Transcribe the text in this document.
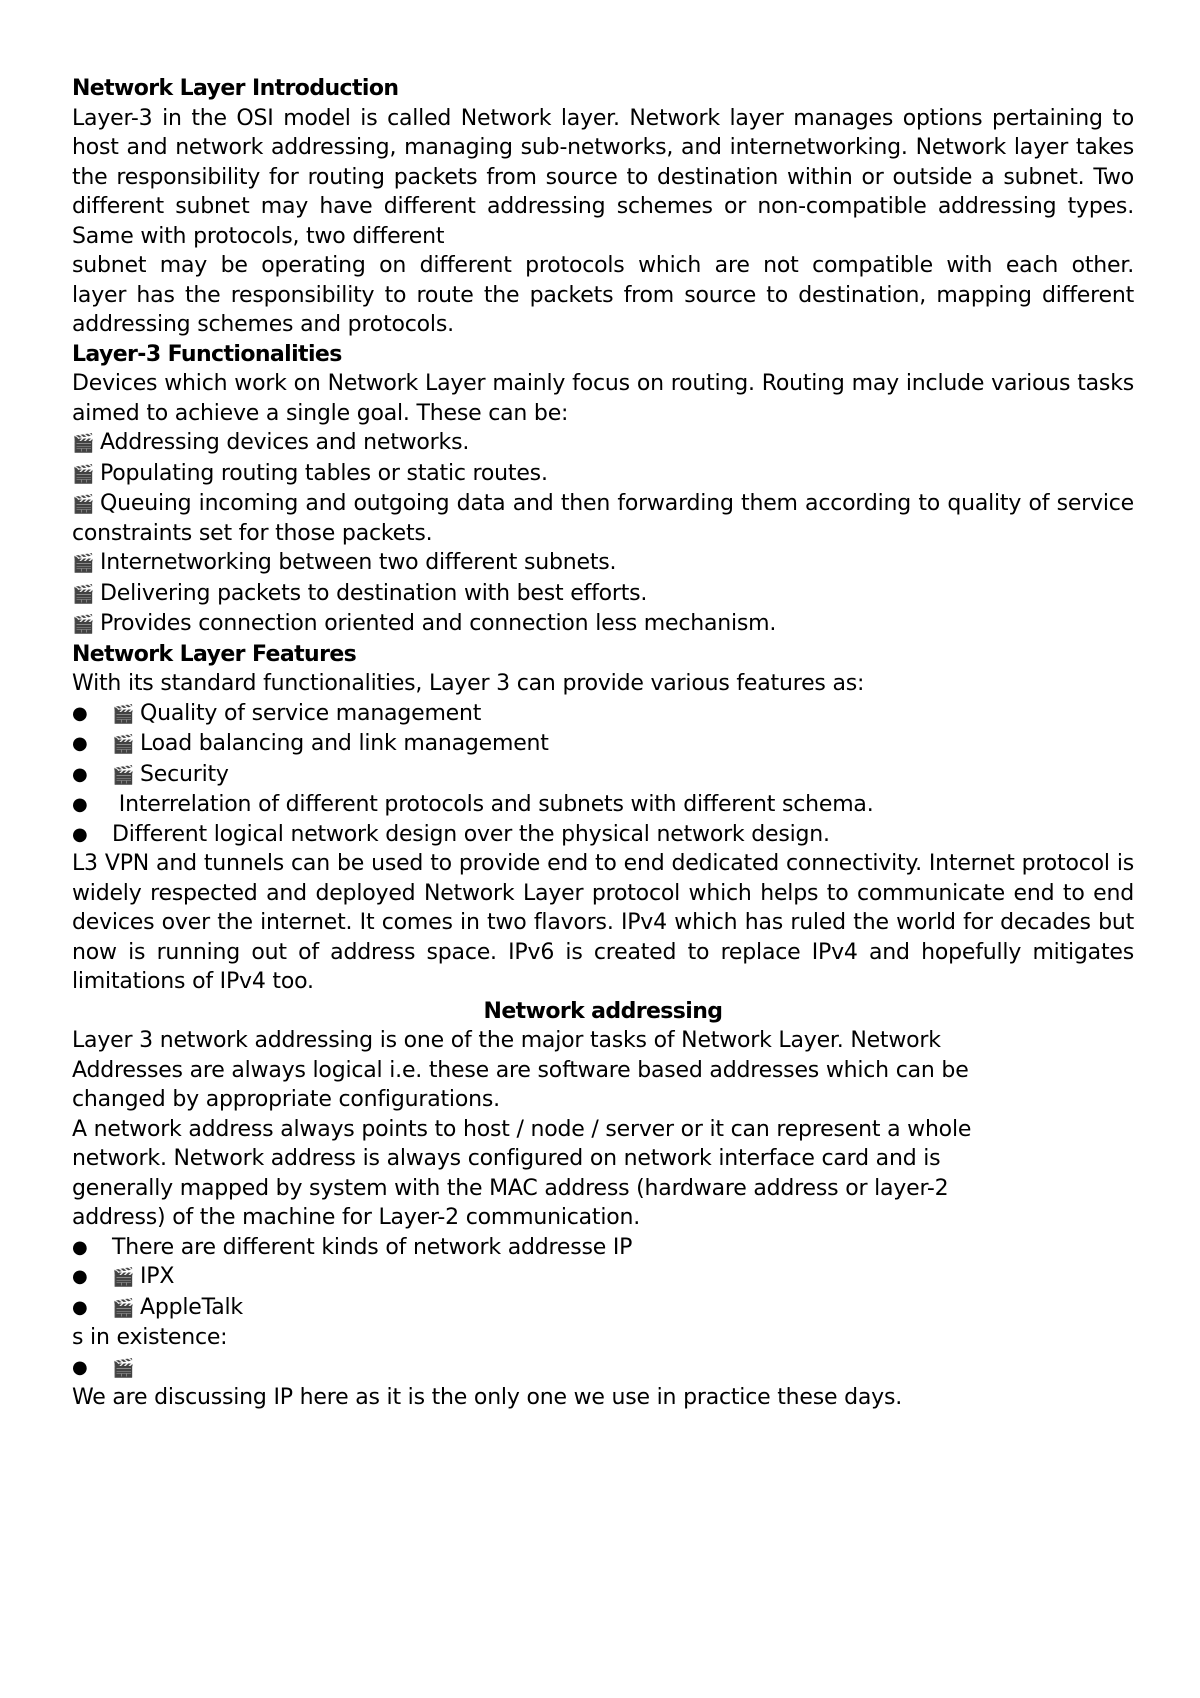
Network Layer Introduction
Layer-3 in the OSI model is called Network layer. Network layer manages options pertaining to
host and network addressing, managing sub-networks, and internetworking. Network layer takes
the responsibility for routing packets from source to destination within or outside a subnet. Two
different subnet may have different addressing schemes or non-compatible addressing types.
Same with protocols, two different
subnet may be operating on different protocols which are not compatible with each other.
layer has the responsibility to route the packets from source to destination, mapping different
addressing schemes and protocols.
Layer-3 Functionalities
Devices which work on Network Layer mainly focus on routing. Routing may include various tasks
aimed to achieve a single goal. These can be:
🎬 Addressing devices and networks.
🎬 Populating routing tables or static routes.
🎬 Queuing incoming and outgoing data and then forwarding them according to quality of service
constraints set for those packets.
🎬 Internetworking between two different subnets.
🎬 Delivering packets to destination with best efforts.
🎬 Provides connection oriented and connection less mechanism.
Network Layer Features
With its standard functionalities, Layer 3 can provide various features as:
● 🎬 Quality of service management
● 🎬 Load balancing and link management
● 🎬 Security
● Interrelation of different protocols and subnets with different schema.
● Different logical network design over the physical network design.
L3 VPN and tunnels can be used to provide end to end dedicated connectivity. Internet protocol is
widely respected and deployed Network Layer protocol which helps to communicate end to end
devices over the internet. It comes in two flavors. IPv4 which has ruled the world for decades but
now is running out of address space. IPv6 is created to replace IPv4 and hopefully mitigates
limitations of IPv4 too.
Network addressing
Layer 3 network addressing is one of the major tasks of Network Layer. Network
Addresses are always logical i.e. these are software based addresses which can be
changed by appropriate configurations.
A network address always points to host / node / server or it can represent a whole
network. Network address is always configured on network interface card and is
generally mapped by system with the MAC address (hardware address or layer-2
address) of the machine for Layer-2 communication.
● There are different kinds of network addresse IP
● 🎬 IPX
● 🎬 AppleTalk
s in existence:
● 🎬
We are discussing IP here as it is the only one we use in practice these days.
